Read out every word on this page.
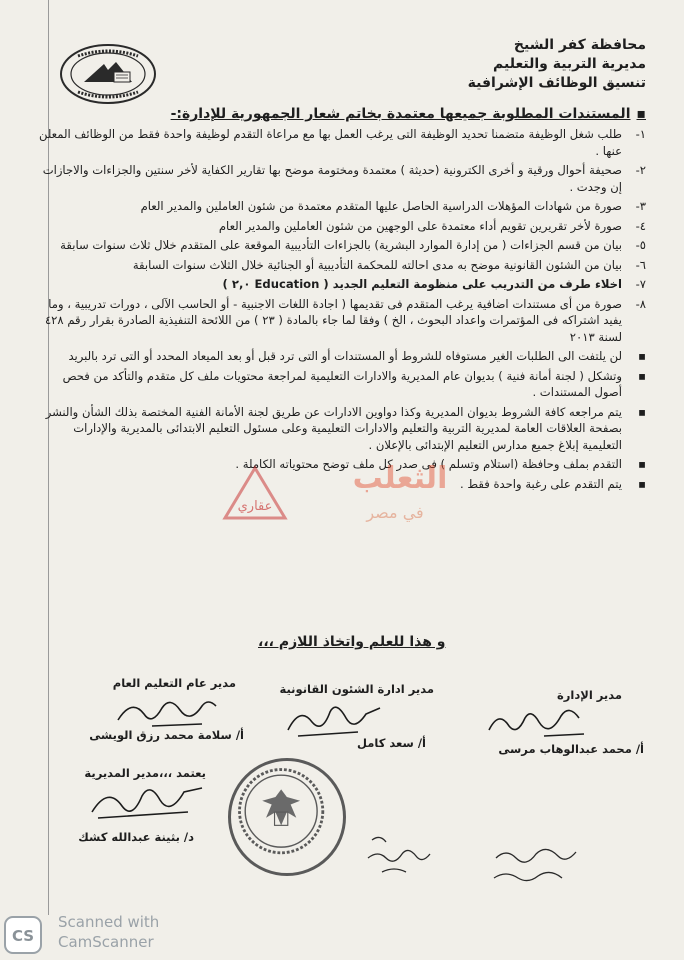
محافظة كفر الشيخ
مديرية التربية والتعليم
تنسيق الوظائف الإشرافية
▪ المستندات المطلوبة جميعها معتمدة بخاتم شعار الجمهورية للإدارة:-
١-
طلب شغل الوظيفة متضمنا تحديد الوظيفة التى يرغب العمل بها مع مراعاة التقدم لوظيفة واحدة فقط من الوظائف المعلن عنها .
٢-
صحيفة أحوال ورقية و أخرى الكترونية (حديثة ) معتمدة ومختومة موضح بها تقارير الكفاية لأخر سنتين والجزاءات والاجازات إن وجدت .
٣-
صورة من شهادات المؤهلات الدراسية الحاصل عليها المتقدم معتمدة من شئون العاملين والمدير العام
٤-
صورة لأخر تقريرين تقويم أداء معتمدة على الوجهين من شئون العاملين والمدير العام
٥-
بيان من قسم الجزاءات ( من إدارة الموارد البشرية) بالجزاءات التأديبية الموقعة على المتقدم خلال ثلاث سنوات سابقة
٦-
بيان من الشئون القانونية موضح به مدى احالته للمحكمة التأديبية أو الجنائية خلال الثلاث سنوات السابقة
٧-
اخلاء طرف من التدريب على منظومة التعليم الجديد ( Education ٢,٠ )
٨-
صورة من أى مستندات اضافية يرغب المتقدم فى تقديمها ( اجادة اللغات الاجنبية - أو الحاسب الآلى ، دورات تدريبية ، وما يفيد اشتراكه فى المؤتمرات واعداد البحوث ، الخ ) وفقا لما جاء بالمادة ( ٢٣ ) من اللائحة التنفيذية الصادرة بقرار رقم ٤٢٨ لسنة ٢٠١٣
▪
لن يلتفت الى الطلبات الغير مستوفاه للشروط أو المستندات أو التى ترد قبل أو بعد الميعاد المحدد أو التى ترد بالبريد
▪
وتشكل ( لجنة أمانة فنية ) بديوان عام المديرية والادارات التعليمية لمراجعة محتويات ملف كل متقدم والتأكد من فحص أصول المستندات .
▪
يتم مراجعه كافة الشروط بديوان المديرية وكذا دواوين الادارات عن طريق لجنة الأمانة الفنية المختصة بذلك الشأن والنشر بصفحة العلاقات العامة لمديرية التربية والتعليم والادارات التعليمية وعلى مسئول التعليم الابتدائى بالمديرية والإدارات التعليمية إبلاغ جميع مدارس التعليم الإبتدائى بالإعلان .
▪
التقدم بملف وحافظة (استلام وتسلم ) فى صدر كل ملف توضح محتوياته الكاملة .
▪
يتم التقدم على رغبة واحدة فقط .
عقاري
الثعلب
في مصر
و هذا للعلم واتخاذ اللازم ،،،
مدير الإدارة
مدير ادارة الشئون القانونية
مدير عام التعليم العام
أ/ محمد عبدالوهاب مرسى
أ/ سعد كامل
أ/ سلامة محمد رزق الويشى
يعتمد ،،،مدير المديرية
د/ بثينة عبدالله كشك
CS
Scanned with
CamScanner
